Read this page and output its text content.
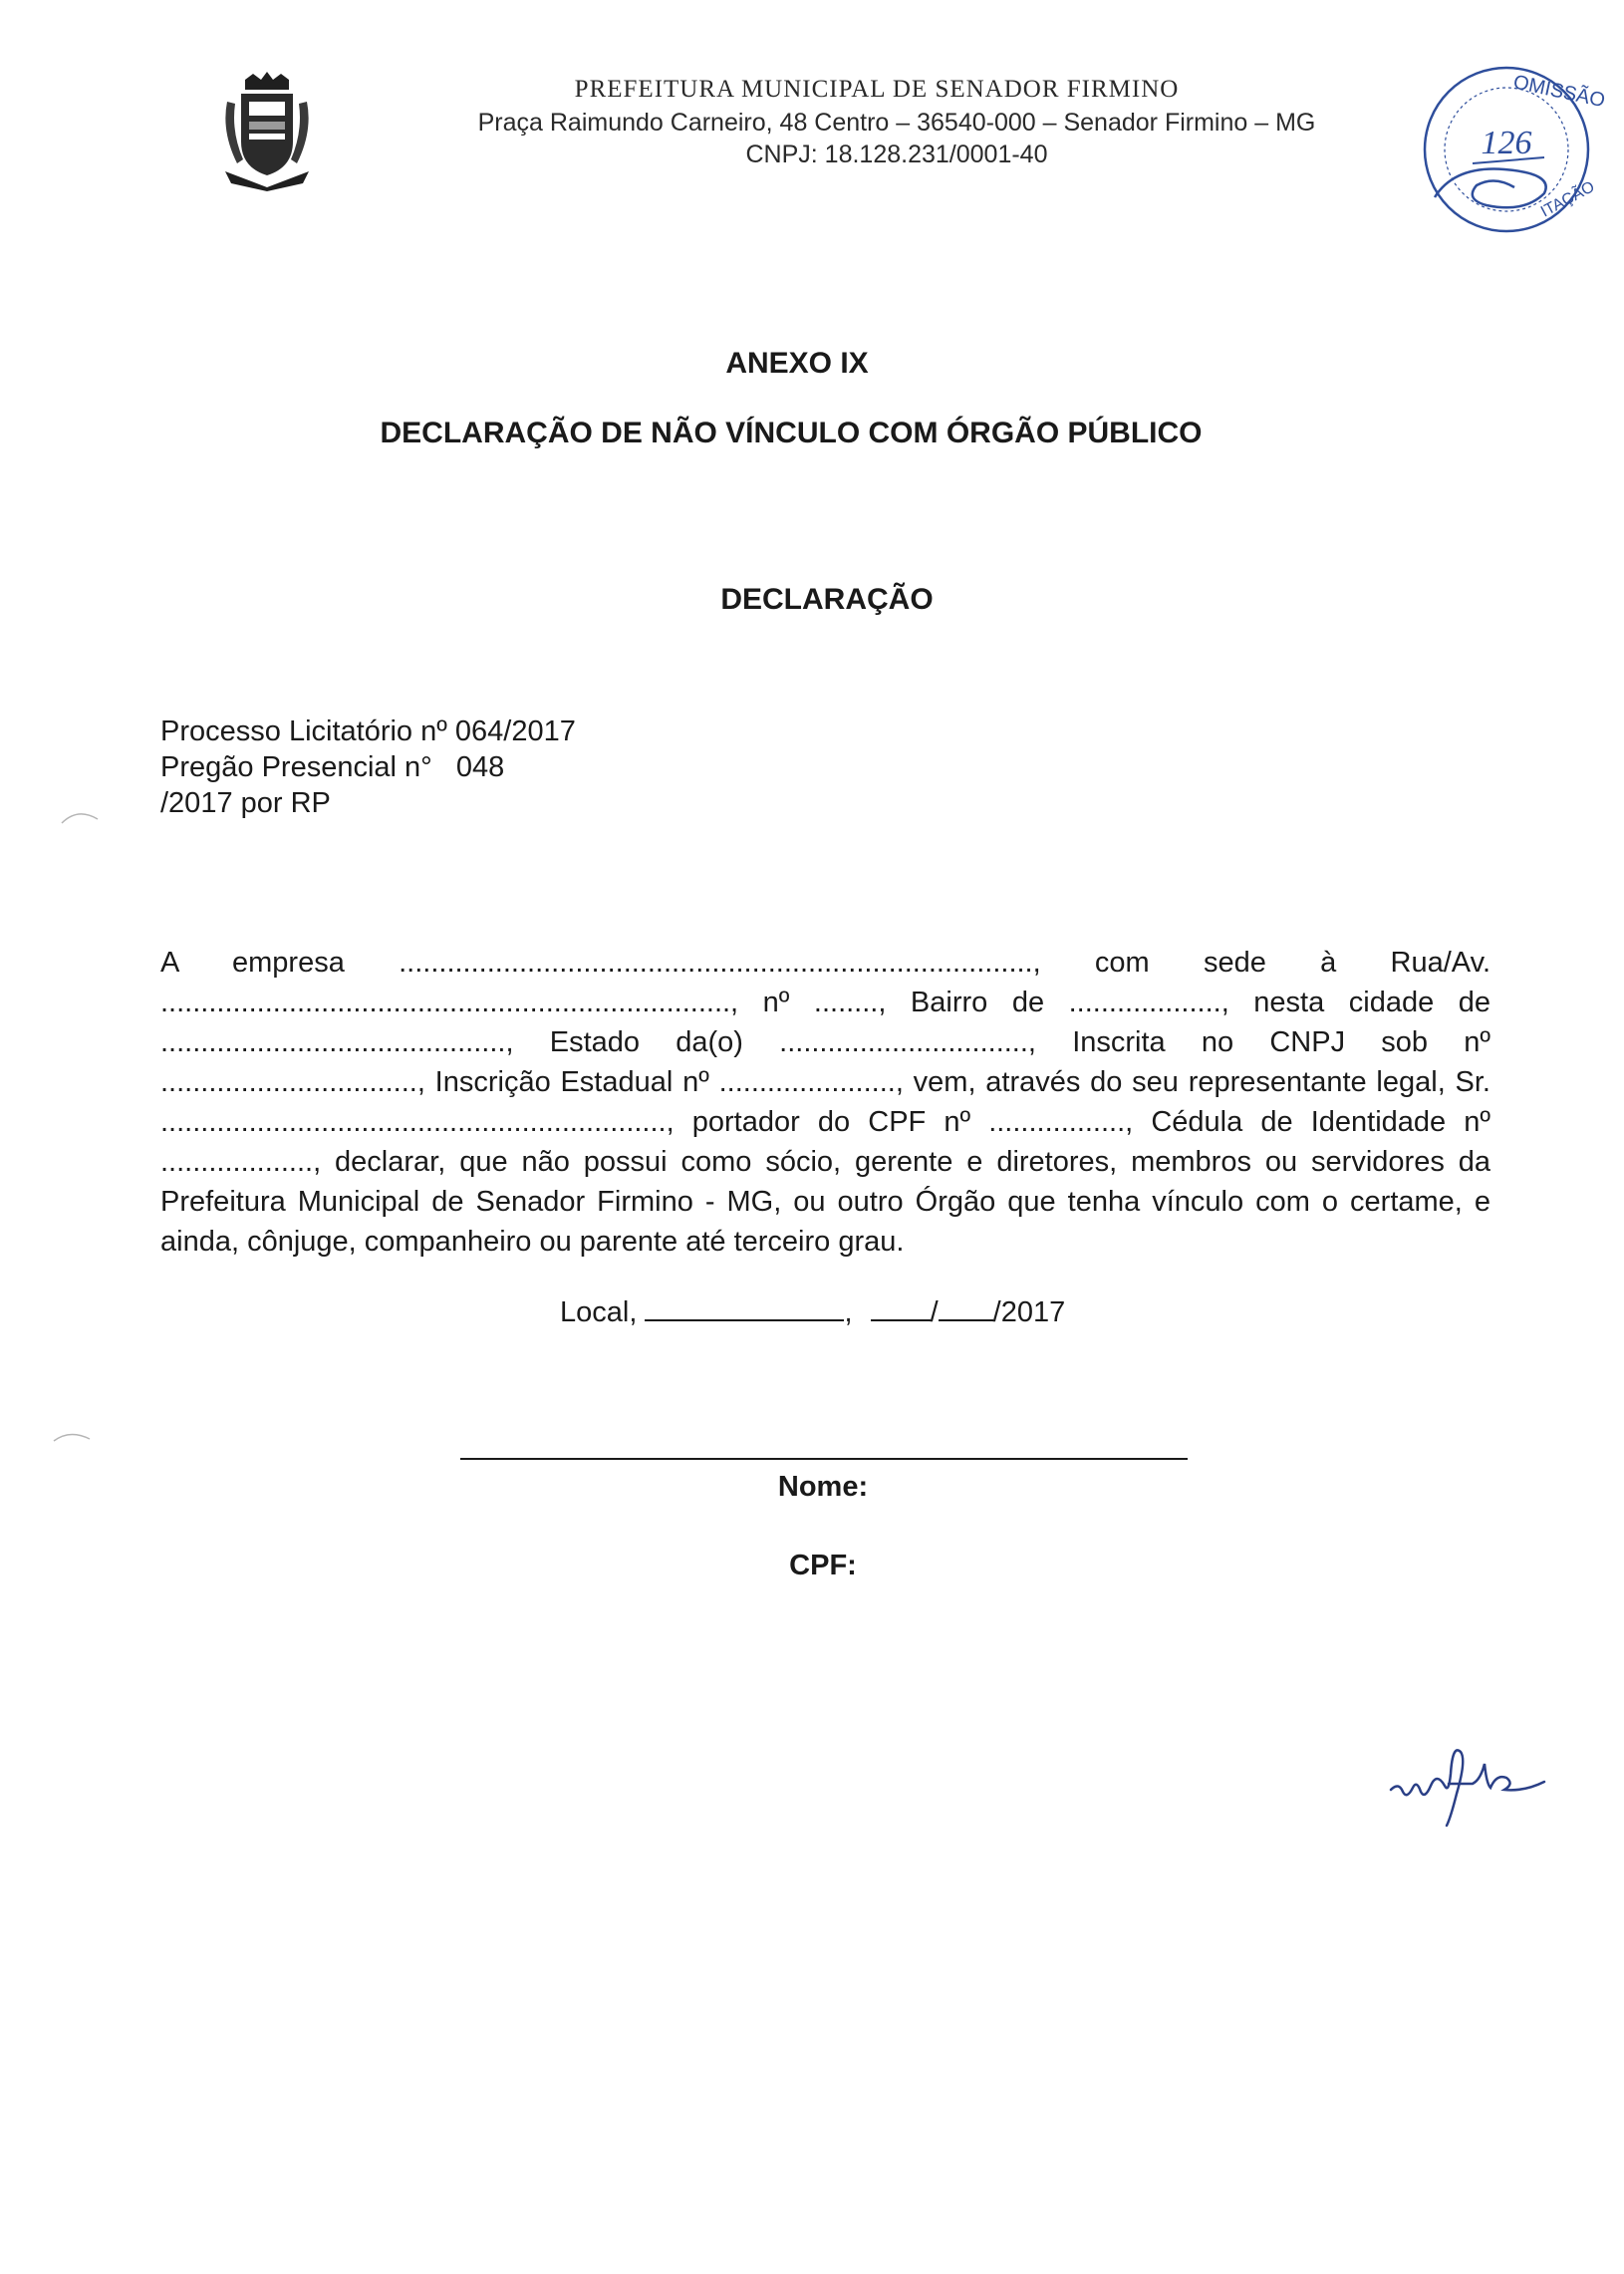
PREFEITURA MUNICIPAL DE SENADOR FIRMINO
Praça Raimundo Carneiro, 48 Centro – 36540-000 – Senador Firmino – MG
CNPJ: 18.128.231/0001-40
OMISSÃO
126
ITAÇÃO
ANEXO IX
DECLARAÇÃO DE NÃO VÍNCULO COM ÓRGÃO PÚBLICO
DECLARAÇÃO
Processo Licitatório nº 064/2017
Pregão Presencial n°   048
/2017 por RP

A empresa ..............................................................................., com sede à Rua/Av. ......................................................................., nº ........, Bairro de ..................., nesta cidade de ..........................................., Estado da(o) ..............................., Inscrita no CNPJ sob nº ................................, Inscrição Estadual nº ......................, vem, através do seu representante legal, Sr. ..............................................................., portador do CPF nº ................., Cédula de Identidade nº ..................., declarar, que não possui como sócio, gerente e diretores, membros ou servidores da Prefeitura Municipal de Senador Firmino - MG, ou outro Órgão que tenha vínculo com o certame, e ainda, cônjuge, companheiro ou parente até terceiro grau.

Local,	,	/ /2017
Nome:
CPF:
